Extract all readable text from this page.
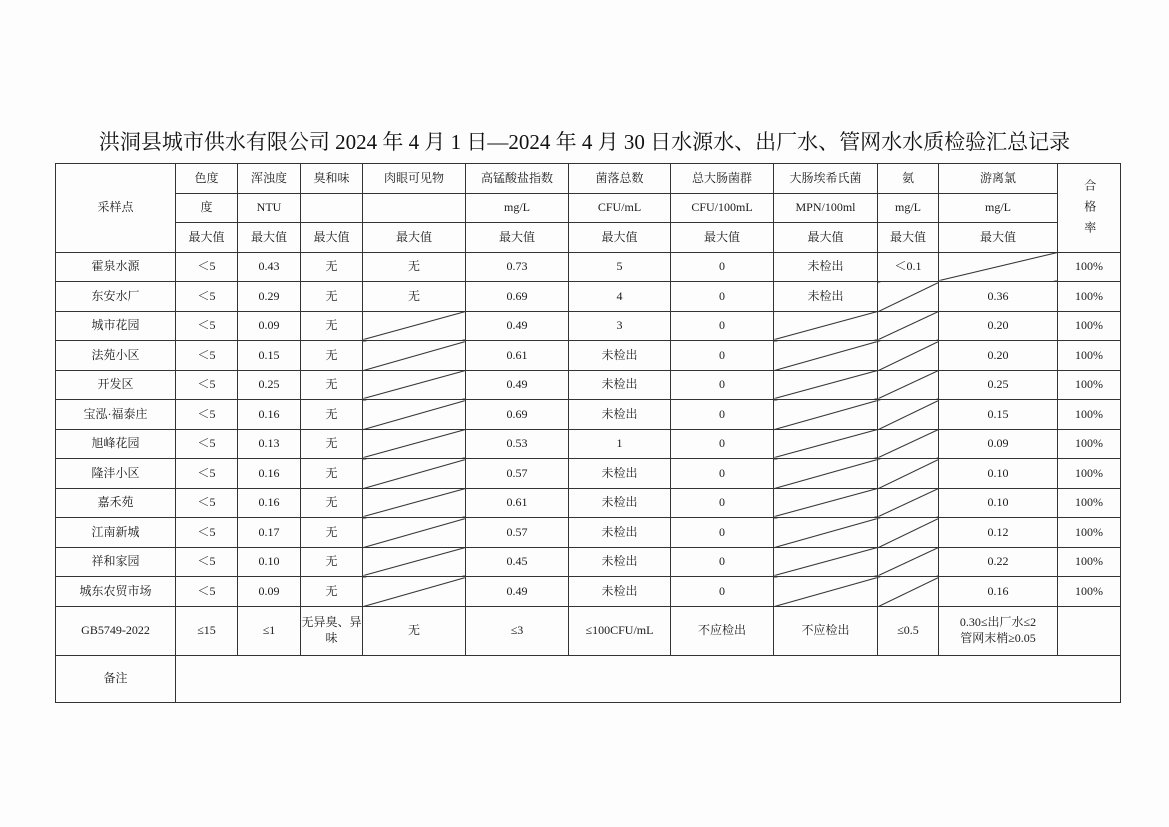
洪洞县城市供水有限公司 2024 年 4 月 1 日—2024 年 4 月 30 日水源水、出厂水、管网水水质检验汇总记录
采样点	色度	浑浊度	臭和味	肉眼可见物	高锰酸盐指数	菌落总数	总大肠菌群	大肠埃希氏菌	氨	游离氯	合格率
	度	NTU			mg/L	CFU/mL	CFU/100mL	MPN/100ml	mg/L	mg/L	
	最大值	最大值	最大值	最大值	最大值	最大值	最大值	最大值	最大值	最大值	
霍泉水源	＜5	0.43	无	无	0.73	5	0	未检出	＜0.1		100%
东安水厂	＜5	0.29	无	无	0.69	4	0	未检出		0.36	100%
城市花园	＜5	0.09	无		0.49	3	0			0.20	100%
法苑小区	＜5	0.15	无		0.61	未检出	0			0.20	100%
开发区	＜5	0.25	无		0.49	未检出	0			0.25	100%
宝泓·福泰庄	＜5	0.16	无		0.69	未检出	0			0.15	100%
旭峰花园	＜5	0.13	无		0.53	1	0			0.09	100%
隆沣小区	＜5	0.16	无		0.57	未检出	0			0.10	100%
嘉禾苑	＜5	0.16	无		0.61	未检出	0			0.10	100%
江南新城	＜5	0.17	无		0.57	未检出	0			0.12	100%
祥和家园	＜5	0.10	无		0.45	未检出	0			0.22	100%
城东农贸市场	＜5	0.09	无		0.49	未检出	0			0.16	100%
GB5749-2022	≤15	≤1	无异臭、异味	无	≤3	≤100CFU/mL	不应检出	不应检出	≤0.5	0.30≤出厂水≤2
管网末梢≥0.05	

备注											
